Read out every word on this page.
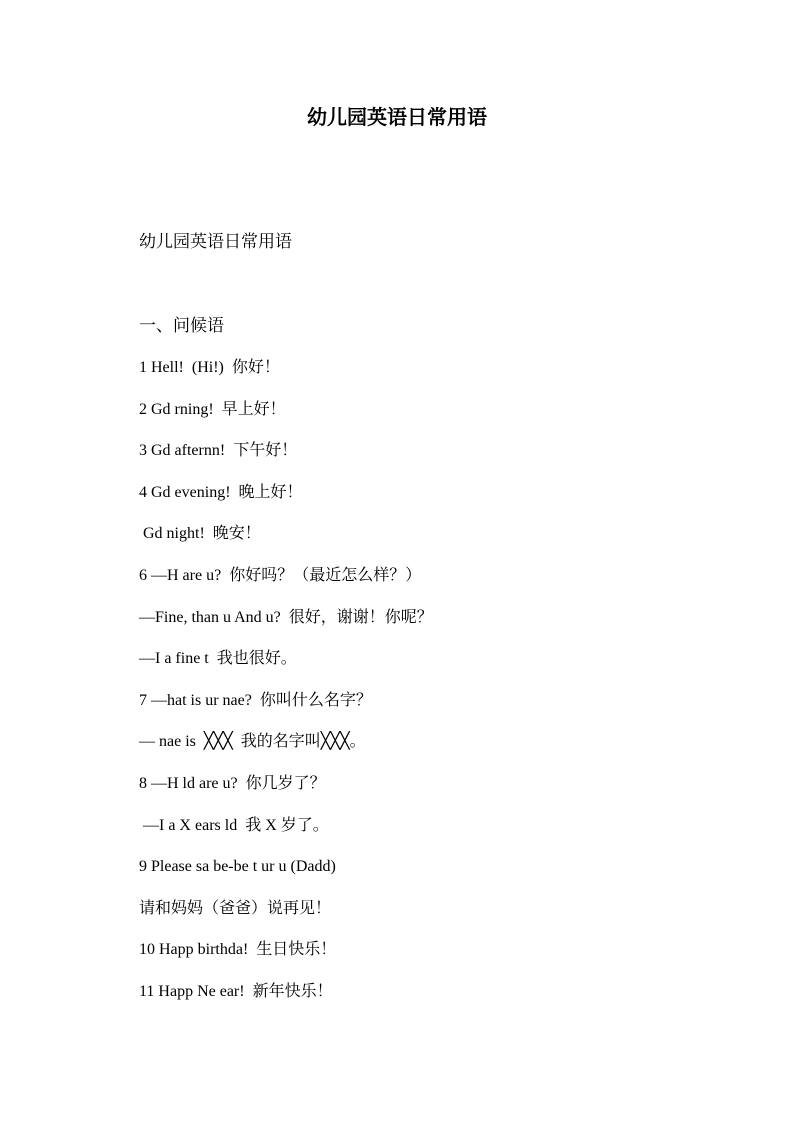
幼儿园英语日常用语

幼儿园英语日常用语

一、问候语

1 Hell!  (Hi!)  你好！
2 Gd rning!  早上好！
3 Gd afternn!  下午好！
4 Gd evening!  晚上好！
Gd night!  晚安！
6 —H are u?  你好吗？（最近怎么样？）
—Fine, than u And u?  很好，谢谢！你呢？
—I a fine t  我也很好。
7 —hat is ur nae?  你叫什么名字？
— nae is  ╳╳╳  我的名字叫╳╳╳。
8 —H ld are u?  你几岁了？
—I a X ears ld  我 X 岁了。
9 Please sa be-be t ur u (Dadd)
请和妈妈（爸爸）说再见！
10 Happ birthda!  生日快乐！
11 Happ Ne ear!  新年快乐！
